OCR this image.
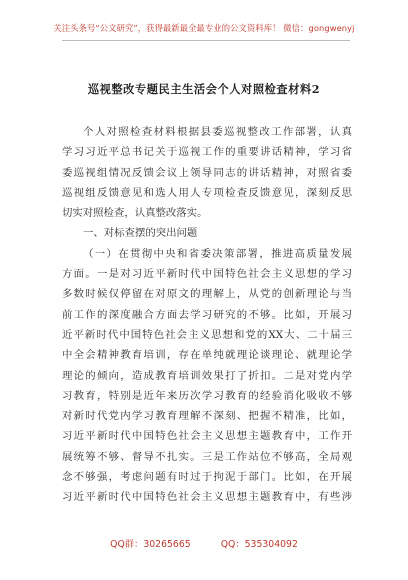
关注头条号“公文研究”，获得最新最全最专业的公文资料库！ 微信：gongwenyj
巡视整改专题民主生活会个人对照检查材料2
个人对照检查材料根据县委巡视整改工作部署，认真
学习习近平总书记关于巡视工作的重要讲话精神，学习省
委巡视组情况反馈会议上领导同志的讲话精神，对照省委
巡视组反馈意见和选人用人专项检查反馈意见，深刻反思
切实对照检查，认真整改落实。
一、对标查摆的突出问题
（一）在贯彻中央和省委决策部署，推进高质量发展
方面。一是对习近平新时代中国特色社会主义思想的学习
多数时候仅停留在对原文的理解上，从党的创新理论与当
前工作的深度融合方面去学习研究的不够。比如，开展习
近平新时代中国特色社会主义思想和党的XX大、二十届三
中全会精神教育培训，存在单纯就理论谈理论、就理论学
理论的倾向，造成教育培训效果打了折扣。二是对党内学
习教育，特别是近年来历次学习教育的经验消化吸收不够
对新时代党内学习教育理解不深刻、把握不精准，比如，
习近平新时代中国特色社会主义思想主题教育中，工作开
展统筹不够、督导不扎实。三是工作站位不够高，全局观
念不够强，考虑问题有时过于拘泥于部门。比如，在开展
习近平新时代中国特色社会主义思想主题教育中，有些涉
QQ群：30265665	QQ：535304092
